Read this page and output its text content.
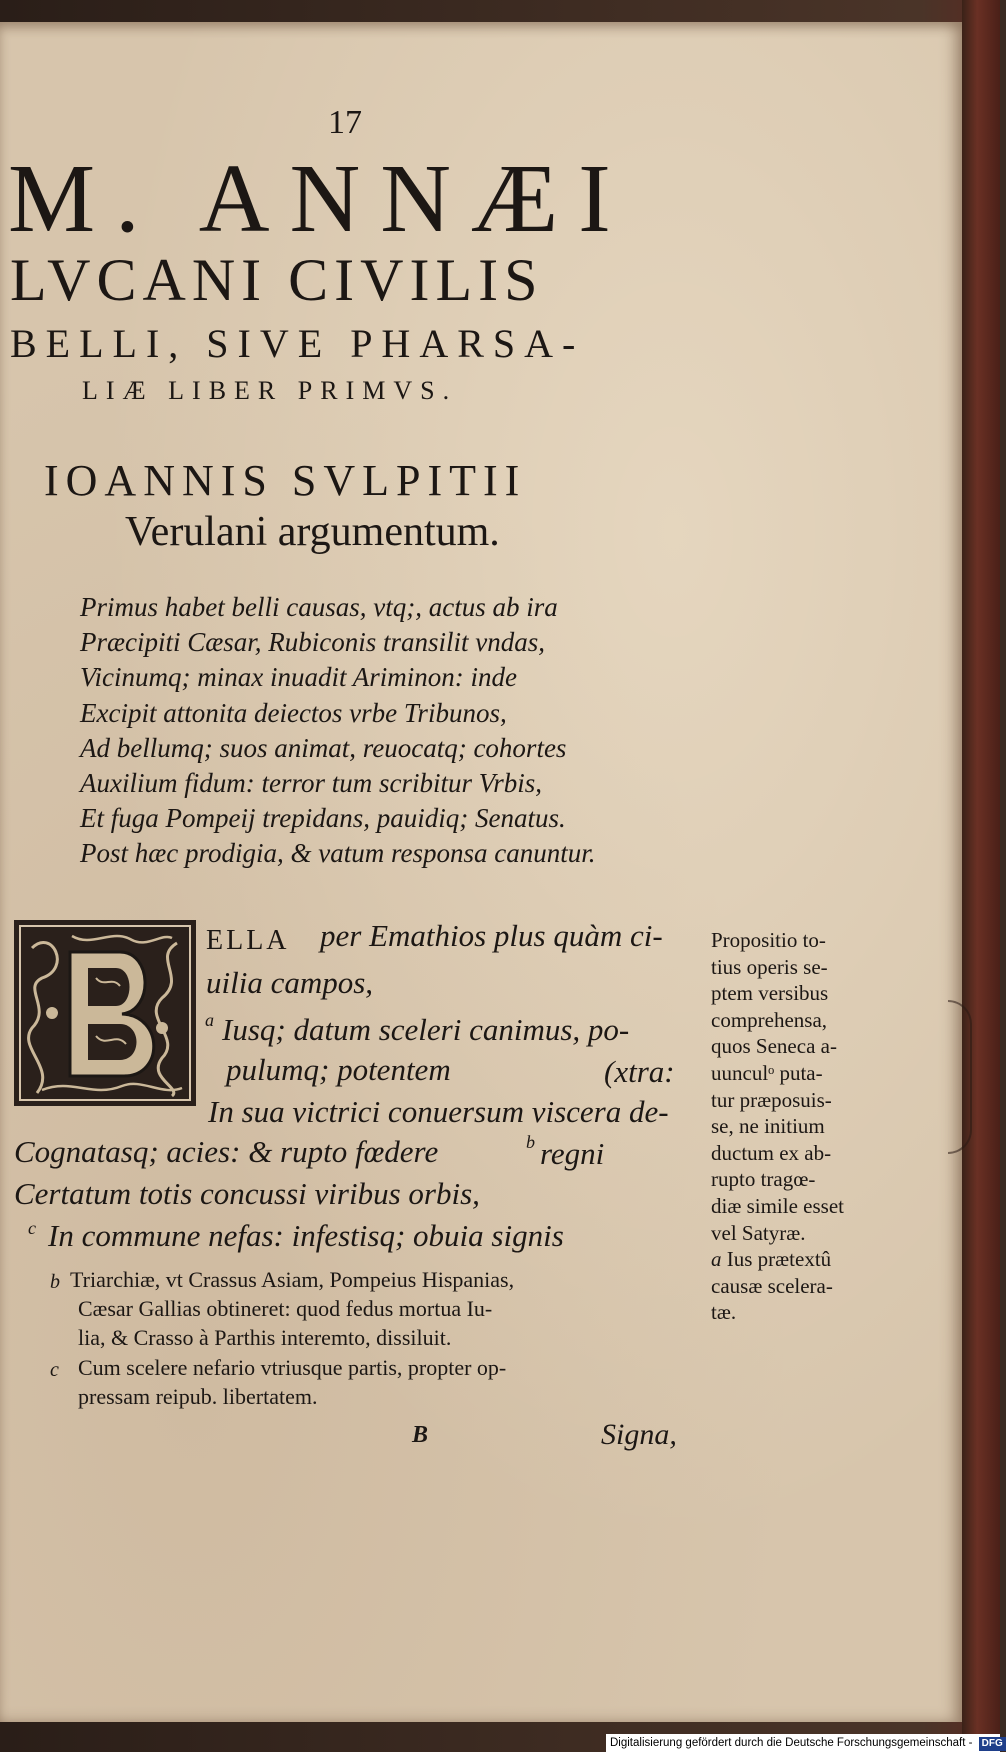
17

M. ANNÆI

LVCANI CIVILIS

BELLI, SIVE PHARSA-

LIÆ LIBER PRIMVS.

IOANNIS SVLPITII

Verulani argumentum.

Primus habet belli causas, vtq;, actus ab ira

Præcipiti Cæsar, Rubiconis transilit vndas,

Vicinumq; minax inuadit Ariminon: inde

Excipit attonita deiectos vrbe Tribunos,

Ad bellumq; suos animat, reuocatq; cohortes

Auxilium fidum: terror tum scribitur Vrbis,

Et fuga Pompeij trepidans, pauidiq; Senatus.

Post hæc prodigia, & vatum responsa canuntur.

ELLA per Emathios plus quàm ci-

uilia campos,

a Iusq; datum sceleri canimus, po-

pulumq; potentem	(xtra:

In sua victrici conuersum viscera de-

Cognatasq; acies: & rupto fœdere	b regni

Certatum totis concussi viribus orbis,

c In commune nefas: infestisq; obuia signis

b Triarchiæ, vt Crassus Asiam, Pompeius Hispanias,

Cæsar Gallias obtineret: quod fedus mortua Iu-

lia, & Crasso à Parthis interemto, dissiluit.

c Cum scelere nefario vtriusque partis, propter op-

pressam reipub. libertatem.

B	Signa,

Propositio to-

tius operis se-

ptem versibus

comprehensa,

quos Seneca a-

uunculᵒ puta-

tur præposuis-

se, ne initium

ductum ex ab-

rupto tragœ-

diæ simile esset

vel Satyræ.

a Ius prætextû

causæ scelera-

tæ.

Digitalisierung gefördert durch die Deutsche Forschungsgemeinschaft - DFG
